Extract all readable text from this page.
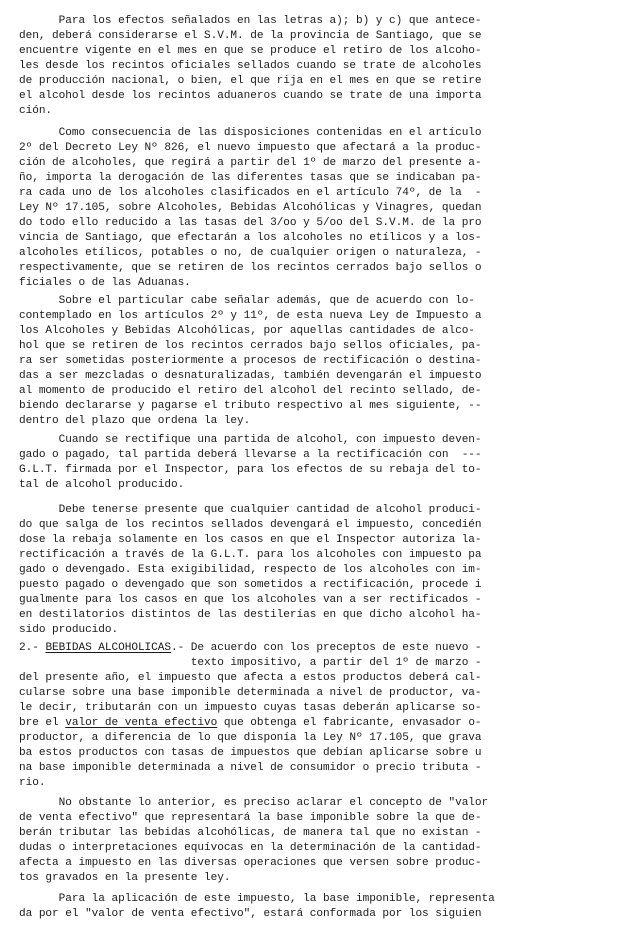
Para los efectos señalados en las letras a); b) y c) que antece-
den, deberá considerarse el S.V.M. de la provincia de Santiago, que se
encuentre vigente en el mes en que se produce el retiro de los alcoho-
les desde los recintos oficiales sellados cuando se trate de alcoholes
de producción nacional, o bien, el que rija en el mes en que se retire
el alcohol desde los recintos aduaneros cuando se trate de una importa
ción.
Como consecuencia de las disposiciones contenidas en el artículo
2º del Decreto Ley Nº 826, el nuevo impuesto que afectará a la produc-
ción de alcoholes, que regirá a partir del 1º de marzo del presente a-
ño, importa la derogación de las diferentes tasas que se indicaban pa-
ra cada uno de los alcoholes clasificados en el artículo 74º, de la  -
Ley Nº 17.105, sobre Alcoholes, Bebidas Alcohólicas y Vinagres, quedan
do todo ello reducido a las tasas del 3/oo y 5/oo del S.V.M. de la pro
vincia de Santiago, que efectarán a los alcoholes no etílicos y a los-
alcoholes etílicos, potables o no, de cualquier origen o naturaleza, -
respectivamente, que se retiren de los recintos cerrados bajo sellos o
ficiales o de las Aduanas.
Sobre el particular cabe señalar además, que de acuerdo con lo-
contemplado en los artículos 2º y 11º, de esta nueva Ley de Impuesto a
los Alcoholes y Bebidas Alcohólicas, por aquellas cantidades de alco-
hol que se retiren de los recintos cerrados bajo sellos oficiales, pa-
ra ser sometidas posteriormente a procesos de rectificación o destina-
das a ser mezcladas o desnaturalizadas, también devengarán el impuesto
al momento de producido el retiro del alcohol del recinto sellado, de-
biendo declararse y pagarse el tributo respectivo al mes siguiente, --
dentro del plazo que ordena la ley.
Cuando se rectifique una partida de alcohol, con impuesto deven-
gado o pagado, tal partida deberá llevarse a la rectificación con  ---
G.L.T. firmada por el Inspector, para los efectos de su rebaja del to-
tal de alcohol producido.
Debe tenerse presente que cualquier cantidad de alcohol produci-
do que salga de los recintos sellados devengará el impuesto, concedién
dose la rebaja solamente en los casos en que el Inspector autoriza la-
rectificación a través de la G.L.T. para los alcoholes con impuesto pa
gado o devengado. Esta exigibilidad, respecto de los alcoholes con im-
puesto pagado o devengado que son sometidos a rectificación, procede i
gualmente para los casos en que los alcoholes van a ser rectificados -
en destilatorios distintos de las destilerías en que dicho alcohol ha-
sido producido.
2.- BEBIDAS ALCOHOLICAS.- De acuerdo con los preceptos de este nuevo -
texto impositivo, a partir del 1º de marzo -
del presente año, el impuesto que afecta a estos productos deberá cal-
cularse sobre una base imponible determinada a nivel de productor, va-
le decir, tributarán con un impuesto cuyas tasas deberán aplicarse so-
bre el valor de venta efectivo que obtenga el fabricante, envasador o-
productor, a diferencia de lo que disponía la Ley Nº 17.105, que grava
ba estos productos con tasas de impuestos que debían aplicarse sobre u
na base imponible determinada a nivel de consumidor o precio tributa -
rio.
No obstante lo anterior, es preciso aclarar el concepto de "valor
de venta efectivo" que representará la base imponible sobre la que de-
berán tributar las bebidas alcohólicas, de manera tal que no existan -
dudas o interpretaciones equívocas en la determinación de la cantidad-
afecta a impuesto en las diversas operaciones que versen sobre produc-
tos gravados en la presente ley.
Para la aplicación de este impuesto, la base imponible, representa
da por el "valor de venta efectivo", estará conformada por los siguien
